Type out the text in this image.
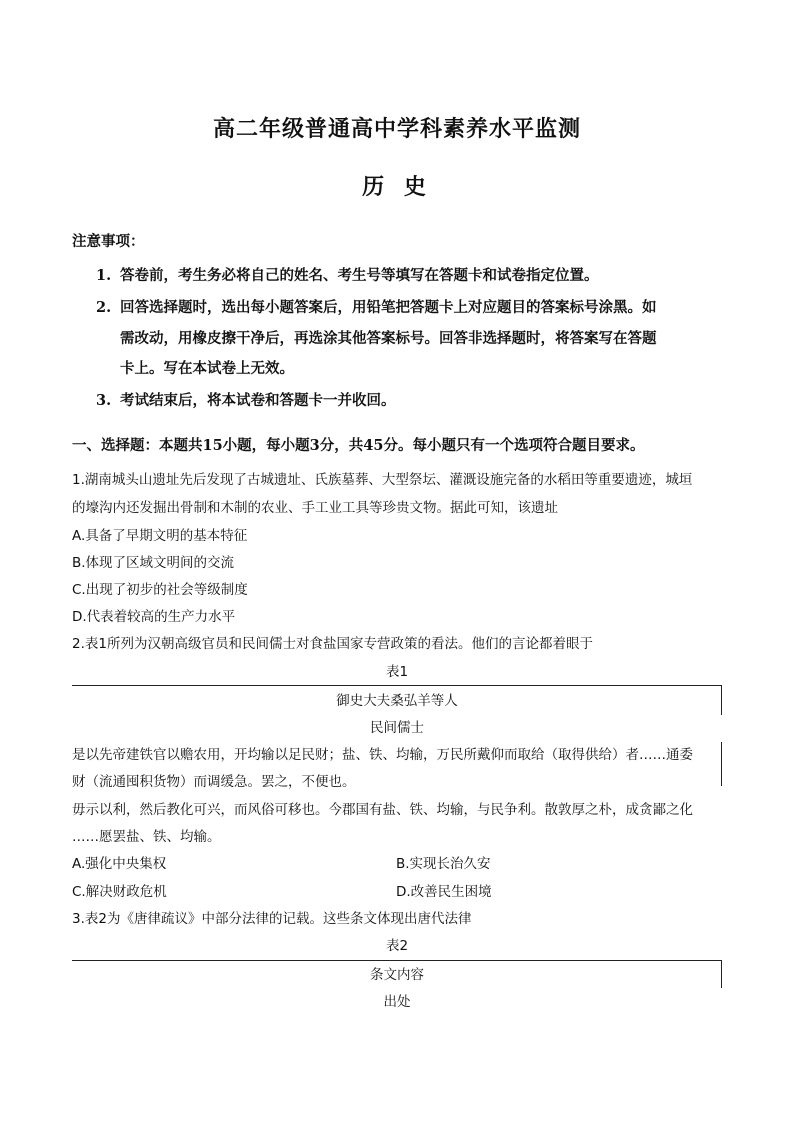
高二年级普通高中学科素养水平监测
历 史
注意事项：
1. 答卷前，考生务必将自己的姓名、考生号等填写在答题卡和试卷指定位置。
2. 回答选择题时，选出每小题答案后，用铅笔把答题卡上对应题目的答案标号涂黑。如
需改动，用橡皮擦干净后，再选涂其他答案标号。回答非选择题时，将答案写在答题
卡上。写在本试卷上无效。
3. 考试结束后，将本试卷和答题卡一并收回。
一、选择题：本题共15小题，每小题3分，共45分。每小题只有一个选项符合题目要求。
1.湖南城头山遗址先后发现了古城遗址、氏族墓葬、大型祭坛、灌溉设施完备的水稻田等重要遗迹，城垣
的壕沟内还发掘出骨制和木制的农业、手工业工具等珍贵文物。据此可知，该遗址
A.具备了早期文明的基本特征
B.体现了区域文明间的交流
C.出现了初步的社会等级制度
D.代表着较高的生产力水平
2.表1所列为汉朝高级官员和民间儒士对食盐国家专营政策的看法。他们的言论都着眼于
表1
御史大夫桑弘羊等人
民间儒士
是以先帝建铁官以赡农用，开均输以足民财；盐、铁、均输，万民所戴仰而取给（取得供给）者……通委
财（流通囤积货物）而调缓急。罢之，不便也。
毋示以利，然后教化可兴，而风俗可移也。今郡国有盐、铁、均输，与民争利。散敦厚之朴，成贪鄙之化
……愿罢盐、铁、均输。
A.强化中央集权	B.实现长治久安
C.解决财政危机	D.改善民生困境
3.表2为《唐律疏议》中部分法律的记载。这些条文体现出唐代法律
表2
条文内容
出处
